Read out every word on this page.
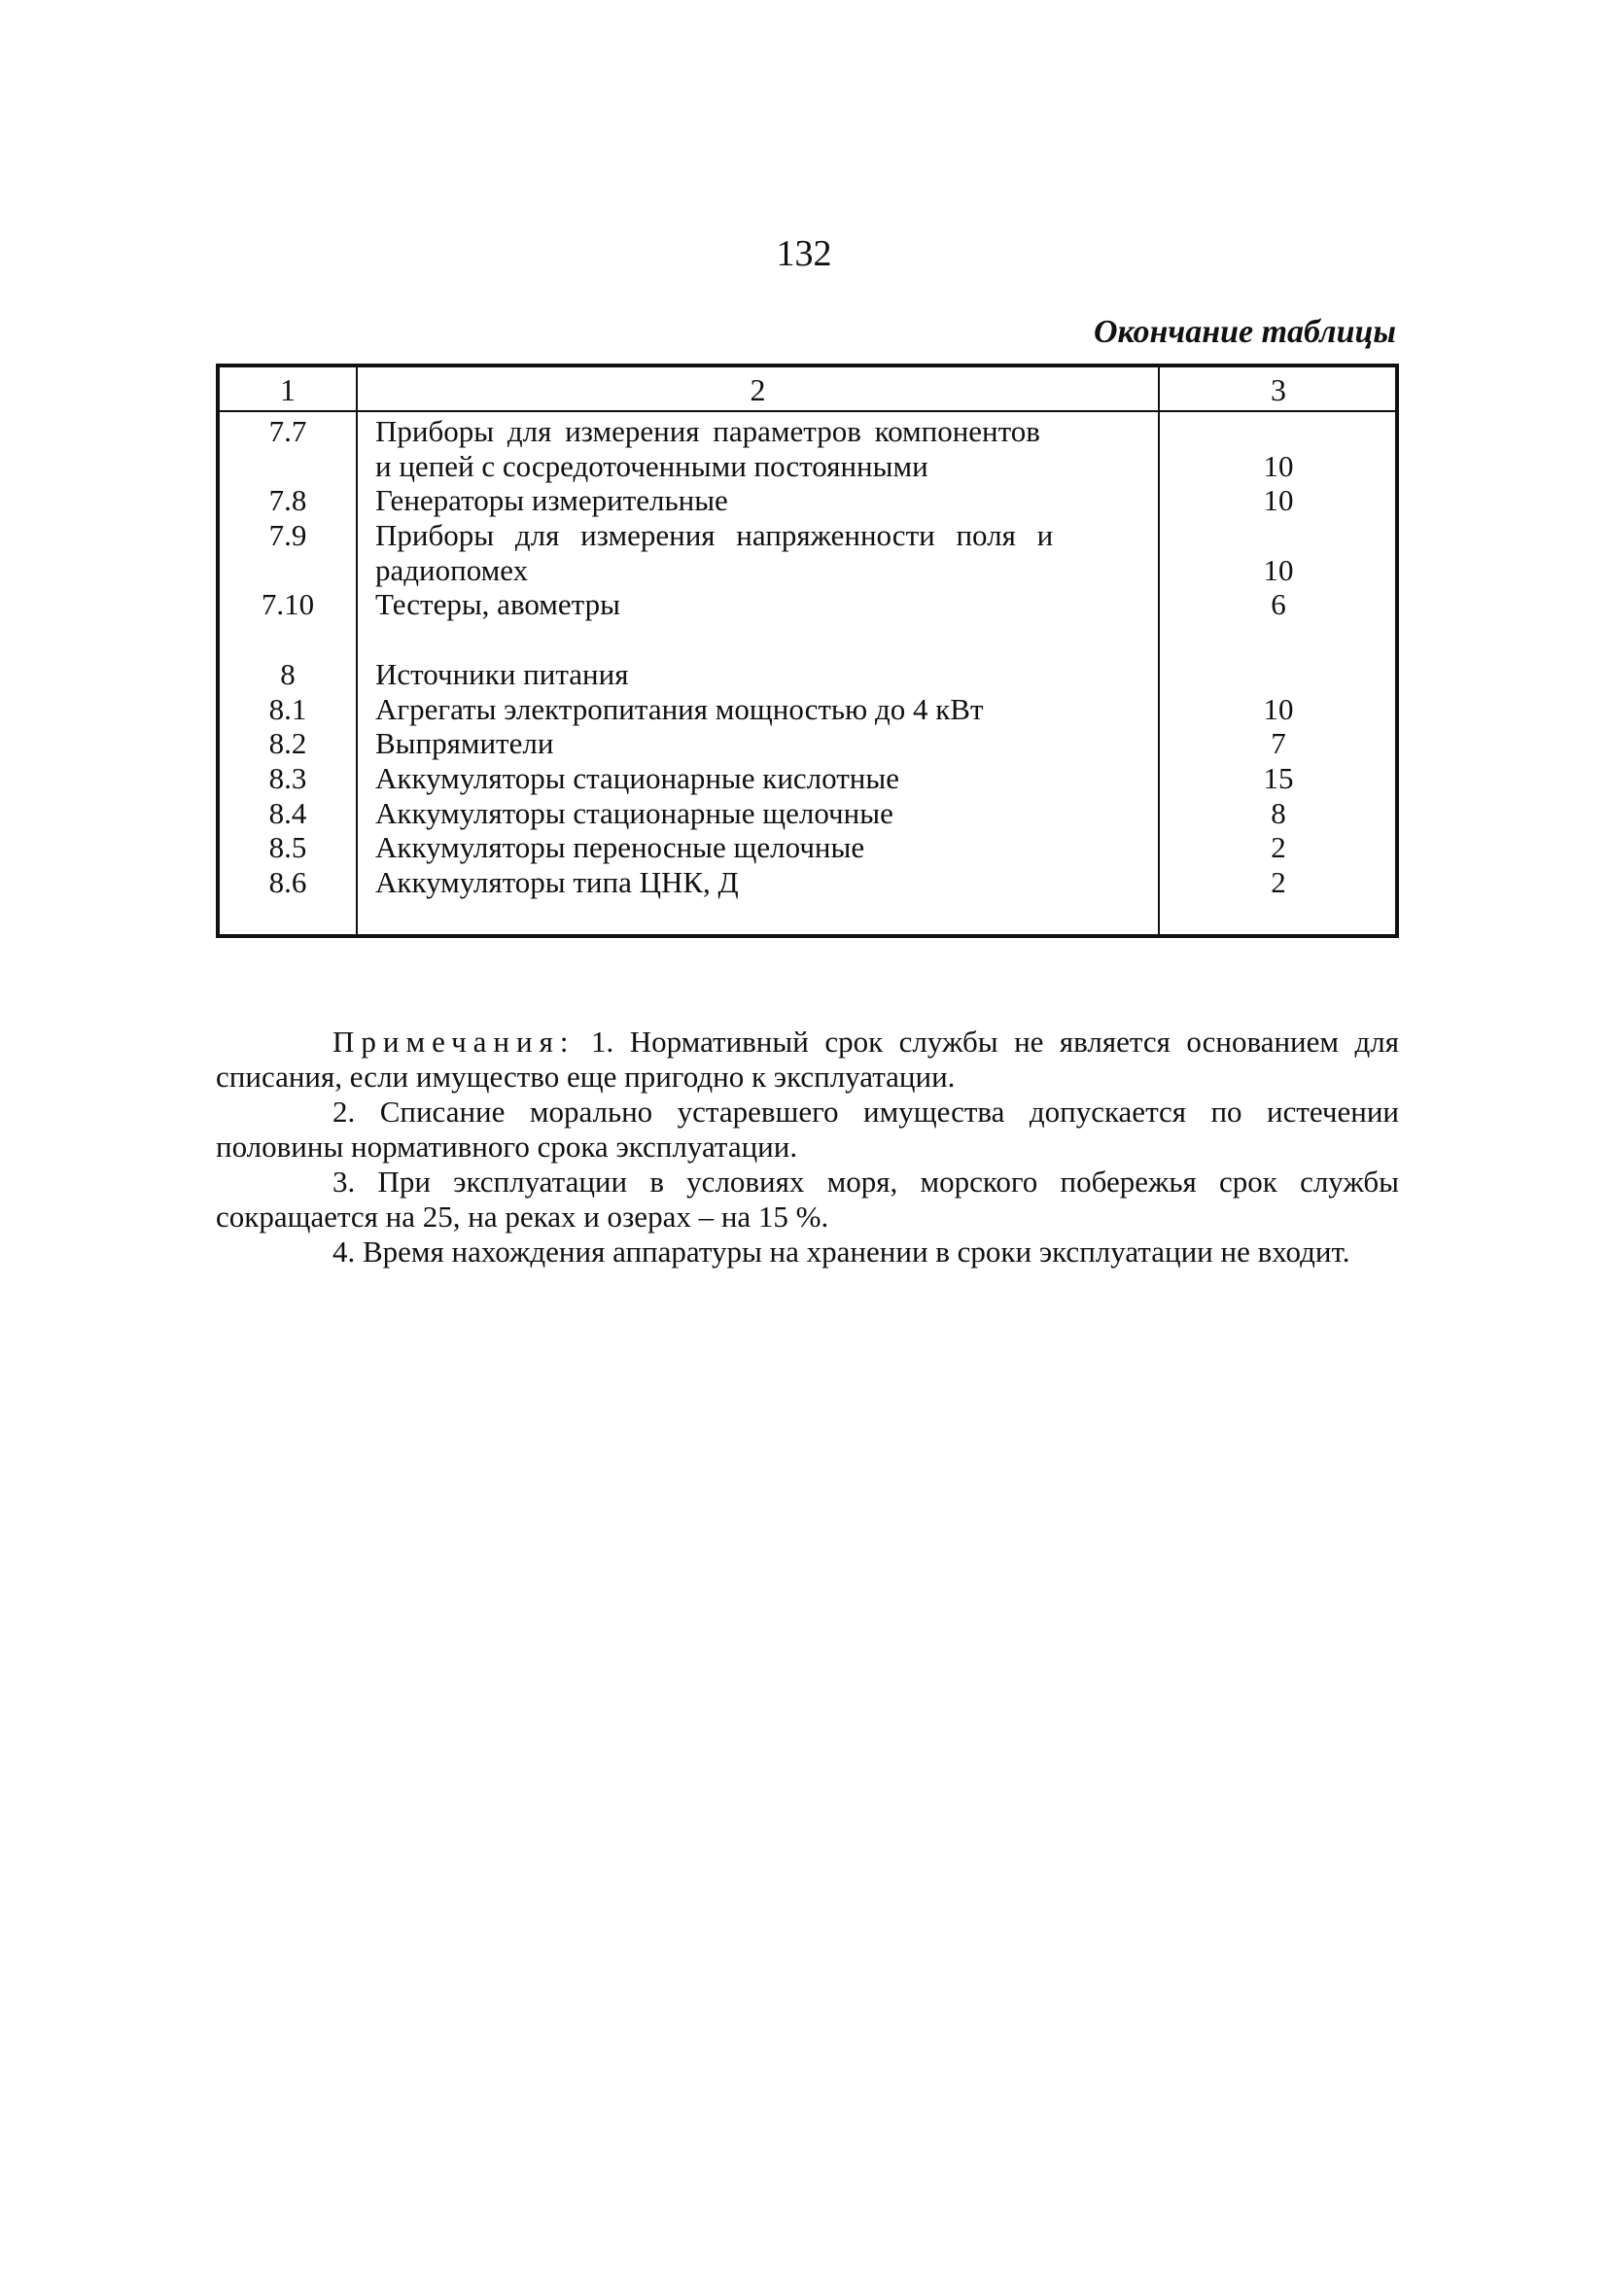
132
Окончание таблицы
1	2	3
7.7	Приборы для измерения параметров компонентов
и цепей с сосредоточенными постоянными	10
7.8	Генераторы измерительные	10
7.9	Приборы для измерения напряженности поля и
радиопомех	10
7.10	Тестеры, авометры	6
8	Источники питания
8.1	Агрегаты электропитания мощностью до 4 кВт	10
8.2	Выпрямители	7
8.3	Аккумуляторы стационарные кислотные	15
8.4	Аккумуляторы стационарные щелочные	8
8.5	Аккумуляторы переносные щелочные	2
8.6	Аккумуляторы типа ЦНК, Д	2

Примечания: 1. Нормативный срок службы не является основанием для списания, если имущество еще пригодно к эксплуатации.

2. Списание морально устаревшего имущества допускается по истечении половины нормативного срока эксплуатации.

3. При эксплуатации в условиях моря, морского побережья срок службы сокращается на 25, на реках и озерах – на 15 %.

4. Время нахождения аппаратуры на хранении в сроки эксплуатации не входит.
